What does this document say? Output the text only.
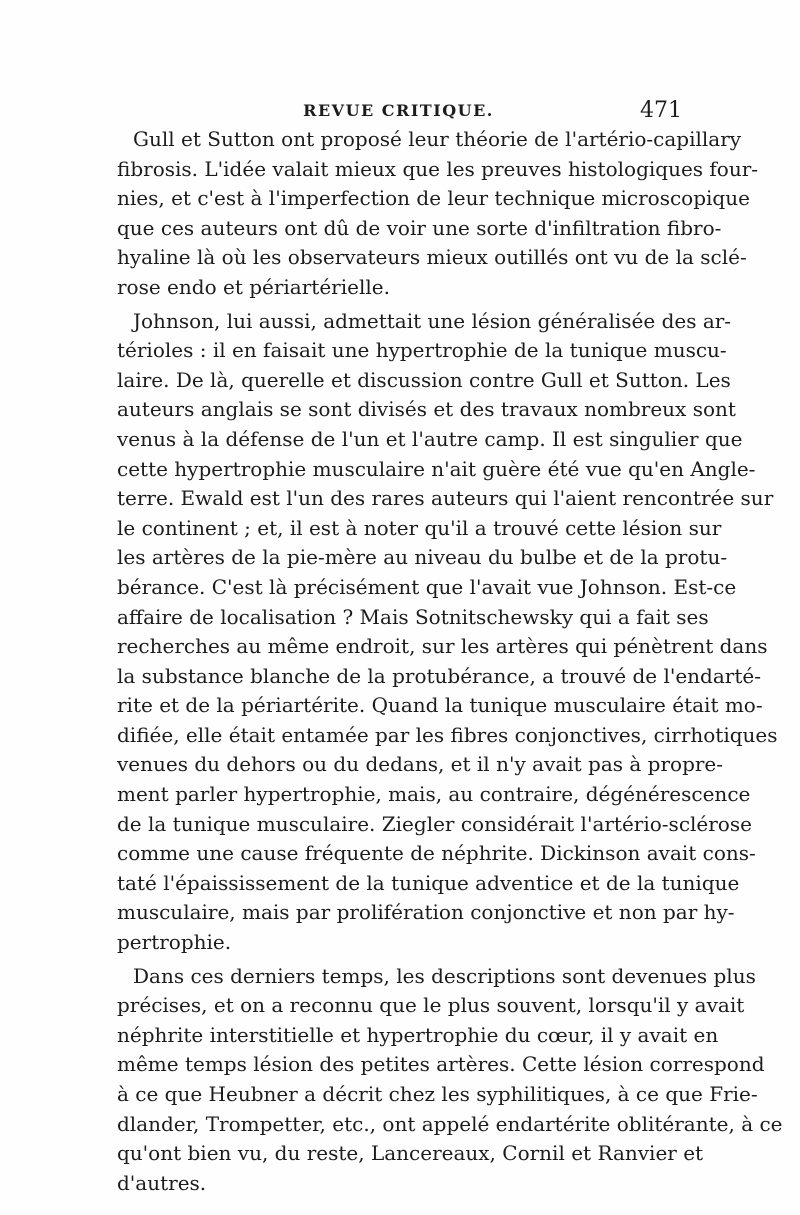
REVUE CRITIQUE.	471

Gull et Sutton ont proposé leur théorie de l'artério-capillary
fibrosis. L'idée valait mieux que les preuves histologiques four-
nies, et c'est à l'imperfection de leur technique microscopique
que ces auteurs ont dû de voir une sorte d'infiltration fibro-
hyaline là où les observateurs mieux outillés ont vu de la sclé-
rose endo et périartérielle.

Johnson, lui aussi, admettait une lésion généralisée des ar-
térioles : il en faisait une hypertrophie de la tunique muscu-
laire. De là, querelle et discussion contre Gull et Sutton. Les
auteurs anglais se sont divisés et des travaux nombreux sont
venus à la défense de l'un et l'autre camp. Il est singulier que
cette hypertrophie musculaire n'ait guère été vue qu'en Angle-
terre. Ewald est l'un des rares auteurs qui l'aient rencontrée sur
le continent ; et, il est à noter qu'il a trouvé cette lésion sur
les artères de la pie-mère au niveau du bulbe et de la protu-
bérance. C'est là précisément que l'avait vue Johnson. Est-ce
affaire de localisation ? Mais Sotnitschewsky qui a fait ses
recherches au même endroit, sur les artères qui pénètrent dans
la substance blanche de la protubérance, a trouvé de l'endarté-
rite et de la périartérite. Quand la tunique musculaire était mo-
difiée, elle était entamée par les fibres conjonctives, cirrhotiques
venues du dehors ou du dedans, et il n'y avait pas à propre-
ment parler hypertrophie, mais, au contraire, dégénérescence
de la tunique musculaire. Ziegler considérait l'artério-sclérose
comme une cause fréquente de néphrite. Dickinson avait cons-
taté l'épaississement de la tunique adventice et de la tunique
musculaire, mais par prolifération conjonctive et non par hy-
pertrophie.

Dans ces derniers temps, les descriptions sont devenues plus
précises, et on a reconnu que le plus souvent, lorsqu'il y avait
néphrite interstitielle et hypertrophie du cœur, il y avait en
même temps lésion des petites artères. Cette lésion correspond
à ce que Heubner a décrit chez les syphilitiques, à ce que Frie-
dlander, Trompetter, etc., ont appelé endartérite oblitérante, à ce
qu'ont bien vu, du reste, Lancereaux, Cornil et Ranvier et
d'autres.
